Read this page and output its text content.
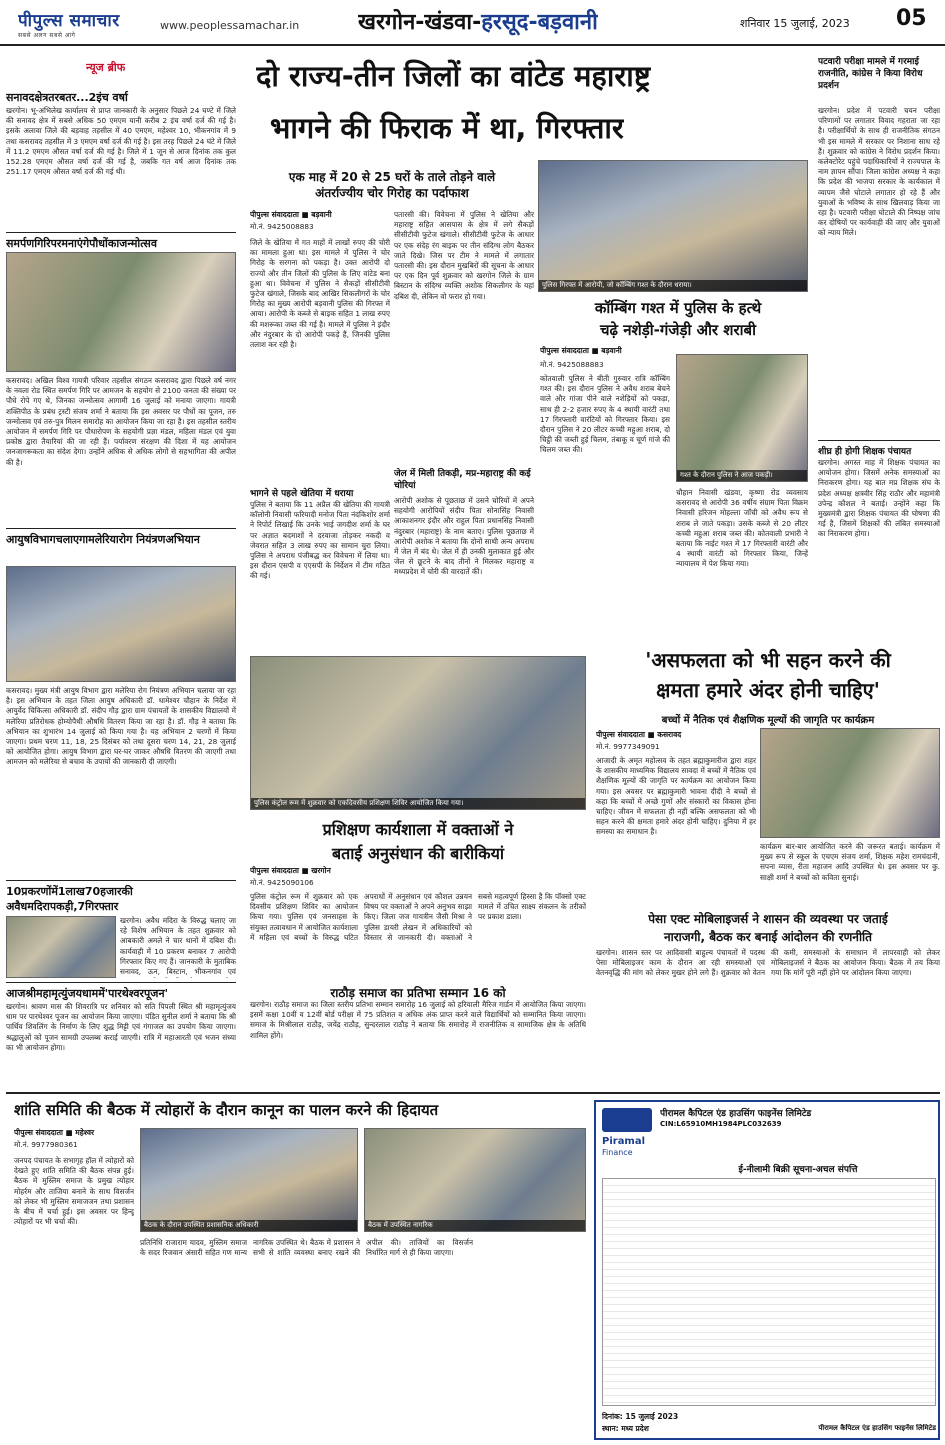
पीपुल्स समाचार
सबसे अलग सबसे आगे
www.peoplessamachar.in	खरगोन-खंडवा-हरसूद-बड़वानी	शनिवार 15 जुलाई, 2023 05
न्यूज ब्रीफ
सनावदक्षेत्रतरबतर...2इंच वर्षा
खरगोन। भू-अभिलेख कार्यालय से प्राप्त जानकारी के अनुसार पिछले 24 घण्टे में जिले की सनावद क्षेत्र में सबसे अधिक 50 एमएम यानी करीब 2 इंच वर्षा दर्ज की गई है। इसके अलावा जिले की बड़वाह तहसील में 40 एमएम, महेश्वर 10, भीकनगांव में 9 तथा कसरावद तहसील में 3 एमएम वर्षा दर्ज की गई है। इस तरह पिछले 24 घंटे में जिले में 11.2 एमएम औसत वर्षा दर्ज की गई है। जिले में 1 जून से आज दिनांक तक कुल 152.28 एमएम औसत वर्षा दर्ज की गई है, जबकि गत वर्ष आज दिनांक तक 251.17 एमएम औसत वर्षा दर्ज की गई थी।
समर्पणगिरिपरमनाएंगेपौधोंकाजन्मोत्सव
कसरावद। अखिल विश्व गायत्री परिवार तहसील संगठन कसरावद द्वारा पिछले वर्ष नगर के नवला रोड स्थित समर्पण गिरि पर आमजन के सहयोग से 2100 जनता की संख्या पर पौधे रोपे गए थे, जिनका जन्मोत्सव आगामी 16 जुलाई को मनाया जाएगा। गायत्री शक्तिपीठ के प्रबंध ट्रस्टी संजय शर्मा ने बताया कि इस अवसर पर पौधों का पूजन, तरु जन्मोत्सव एवं तरु-पुत्र मिलन समारोह का आयोजन किया जा रहा है। इस तहसील स्तरीय आयोजन में समर्पण गिरि पर पौधारोपण के सहयोगी प्रज्ञा मंडल, महिला मंडल एवं युवा प्रकोष्ठ द्वारा तैयारियां की जा रही हैं। पर्यावरण संरक्षण की दिशा में यह आयोजन जनजागरूकता का संदेश देगा। उन्होंने अधिक से अधिक लोगों से सहभागिता की अपील की है।
आयुषविभागचलाएगामलेरियारोग नियंत्रणअभियान
कसरावद। मुख्य मंत्री आयुष विभाग द्वारा मलेरिया रोग नियंत्रण अभियान चलाया जा रहा है। इस अभियान के तहत जिला आयुष अधिकारी डॉ. धामेश्वर चौहान के निर्देश में आयुर्वेद चिकित्सा अधिकारी डॉ. संदीप गौड़ द्वारा ग्राम पंचायतों के शासकीय विद्यालयों में मलेरिया प्रतिरोधक होम्योपैथी औषधि वितरण किया जा रहा है। डॉ. गौड़ ने बताया कि अभियान का शुभारंभ 14 जुलाई को किया गया है। यह अभियान 2 चरणों में किया जाएगा। प्रथम चरण 11, 18, 25 दिसंबर को तथा दूसरा चरण 14, 21, 28 जुलाई को आयोजित होगा। आयुष विभाग द्वारा घर-घर जाकर औषधि वितरण की जाएगी तथा आमजन को मलेरिया से बचाव के उपायों की जानकारी दी जाएगी।
10प्रकरणोंमें1लाख70हजारकी अवैधमदिरापकड़ी,7गिरफ्तार
खरगोन। अवैध मदिरा के विरुद्ध चलाए जा रहे विशेष अभियान के तहत शुक्रवार को आबकारी अमले ने चार थानों में दबिश दी। कार्यवाही में 10 प्रकरण बनाकर 7 आरोपी गिरफ्तार किए गए हैं। जानकारी के मुताबिक सनावद, ऊन, बिस्टान, भीकनगांव एवं
आजश्रीमहामृत्युंजयधाममें'पारथेश्वरपूजन'
खरगोन। श्रावण मास की शिवरात्रि पर शनिवार को सति पिपली स्थित श्री महामृत्युंजय धाम पर पारथेश्वर पूजन का आयोजन किया जाएगा। पंडित सुनील शर्मा ने बताया कि श्री पार्थिव शिवलिंग के निर्माण के लिए शुद्ध मिट्टी एवं गंगाजल का उपयोग किया जाएगा। श्रद्धालुओं को पूजन सामग्री उपलब्ध कराई जाएगी। रात्रि में महाआरती एवं भजन संध्या का भी आयोजन होगा।
दो राज्य-तीन जिलों का वांटेड महाराष्ट्र
भागने की फिराक में था, गिरफ्तार
एक माह में 20 से 25 घरों के ताले तोड़ने वाले
अंतर्राज्यीय चोर गिरोह का पर्दाफाश
पीपुल्स संवाददाता ■ बड़वानी
मो.नं. 9425008883
जिले के खेतिया में गत माहों में लाखों रुपए की चोरी का मामला हुआ था। इस मामले में पुलिस ने चोर गिरोह के सरगना को पकड़ा है। उक्त आरोपी दो राज्यों और तीन जिलों की पुलिस के लिए वांटेड बना हुआ था। विवेचना में पुलिस ने सैकड़ों सीसीटीवी फुटेज खंगाले, जिसके बाद आखिर सिकलीगरों के चोर गिरोह का मुख्य आरोपी बड़वानी पुलिस की गिरफ्त में आया। आरोपी के कब्जे से बाइक सहित 1 लाख रुपए की मशरूका जब्त की गई है। मामले में पुलिस ने इंदौर और नंदुरबार के दो आरोपी पकड़े हैं, जिनकी पुलिस तलाश कर रही है।
भागने से पहले खेतिया में धराया
पुलिस ने बताया कि 11 अप्रैल की खेतिया की गायत्री कॉलोनी निवासी फरियादी मनोज पिता नंदकिशोर शर्मा ने रिपोर्ट लिखाई कि उनके भाई जगदीश शर्मा के घर पर अज्ञात बदमाशों ने दरवाजा तोड़कर नकदी व जेवरात सहित 3 लाख रुपए का सामान चुरा लिया। पुलिस ने अपराध पंजीबद्ध कर विवेचना में लिया था। इस दौरान एसपी व एएसपी के निर्देशन में टीम गठित की गई।
पतारसी की। विवेचना में पुलिस ने खेतिया और महाराष्ट्र सहित आसपास के क्षेत्र में लगे सैकड़ों सीसीटीवी फुटेज खंगाले। सीसीटीवी फुटेज के आधार पर एक संदेह रंग बाइक पर तीन संदिग्ध लोग बैठकर जाते दिखे। जिस पर टीम ने मामले में लगातार पतारसी की। इस दौरान मुखबिरों की सूचना के आधार पर एक दिन पूर्व शुक्रवार को खरगोन जिले के ग्राम बिस्टान के संदिग्ध व्यक्ति अशोक सिकलीगर के यहां दबिश दी, लेकिन वो फरार हो गया।
जेल में मिली तिकड़ी, मप्र-महाराष्ट्र की कई चोरियां
आरोपी अशोक से पूछताछ में उसने चोरियों में अपने सहयोगी आरोपियों संदीप पिता सोनासिंह निवासी आकाशनगर इंदौर और राहुल पिता प्रधानसिंह निवासी नंदुरबार (महाराष्ट्र) के नाम बताए। पुलिस पूछताछ में आरोपी अशोक ने बताया कि दोनों साथी अन्य अपराध में जेल में बंद थे। जेल में ही उनकी मुलाकात हुई और जेल से छूटने के बाद तीनों ने मिलकर महाराष्ट्र व मध्यप्रदेश में चोरी की वारदातें कीं।
पुलिस गिरफ्त में आरोपी, जो कॉम्बिंग गश्त के दौरान धराया।
कॉम्बिंग गश्त में पुलिस के हत्थे
चढ़े नशेड़ी-गंजेड़ी और शराबी
पीपुल्स संवाददाता ■ बड़वानी
मो.नं. 9425088883
कोतवाली पुलिस ने बीती गुरुवार रात्रि कॉम्बिंग गश्त की। इस दौरान पुलिस ने अवैध शराब बेचने वाले और गांजा पीने वाले नशेड़ियों को पकड़ा, साथ ही 2-2 हजार रुपए के 4 स्थायी वारंटी तथा 17 गिरफ्तारी वारंटियों को गिरफ्तार किया। इस दौरान पुलिस ने 20 लीटर कच्ची महुआ शराब, दो चिट्ठी की जब्ती हुई चिलम, तंबाकू व चूर्ण गांजे की चिलम जब्त की।
गश्त के दौरान पुलिस ने आज पकड़ी।
चौहान निवासी खंडवा, कृष्णा रोड व्यवसाय कसरावद से आरोपी 36 वर्षीय संग्राम पिता विक्रम निवासी हरिजन मोहल्ला जाँची को अवैध रूप से शराब ले जाते पकड़ा। उसके कब्जे से 20 लीटर कच्ची महुआ शराब जब्त की। कोतवाली प्रभारी ने बताया कि नाईट गश्त में 17 गिरफ्तारी वारंटी और 4 स्थायी वारंटी को गिरफ्तार किया, जिन्हें न्यायालय में पेश किया गया।
पटवारी परीक्षा मामले में गरमाई राजनीति, कांग्रेस ने किया विरोध प्रदर्शन
खरगोन। प्रदेश में पटवारी चयन परीक्षा परिणामों पर लगातार विवाद गहराता जा रहा है। परीक्षार्थियों के साथ ही राजनीतिक संगठन भी इस मामले में सरकार पर निशाना साध रहे हैं। शुक्रवार को कांग्रेस ने विरोध प्रदर्शन किया। कलेक्टोरेट पहुंचे पदाधिकारियों ने राज्यपाल के नाम ज्ञापन सौंपा। जिला कांग्रेस अध्यक्ष ने कहा कि प्रदेश की भाजपा सरकार के कार्यकाल में व्यापम जैसे घोटाले लगातार हो रहे हैं और युवाओं के भविष्य के साथ खिलवाड़ किया जा रहा है। पटवारी परीक्षा घोटाले की निष्पक्ष जांच कर दोषियों पर कार्यवाही की जाए और युवाओं को न्याय मिले।
शीघ्र ही होगी शिक्षक पंचायत
खरगोन। अगस्त माह में शिक्षक पंचायत का आयोजन होगा। जिसमें अनेक समस्याओं का निराकरण होगा। यह बात मप्र शिक्षक संघ के प्रदेश अध्यक्ष क्षत्रवीर सिंह राठौर और महामंत्री उपेन्द्र कौशल ने बताई। उन्होंने कहा कि मुख्यमंत्री द्वारा शिक्षक पंचायत की घोषणा की गई है, जिसमें शिक्षकों की लंबित समस्याओं का निराकरण होगा।
पुलिस कंट्रोल रूम में शुक्रवार को एकदिवसीय प्रशिक्षण शिविर आयोजित किया गया।
प्रशिक्षण कार्यशाला में वक्ताओं ने
बताई अनुसंधान की बारीकियां
पीपुल्स संवाददाता ■ खरगोन
मो.नं. 9425090106
पुलिस कंट्रोल रूम में शुक्रवार को एक दिवसीय प्रशिक्षण शिविर का आयोजन किया गया। पुलिस एवं जनसाहस के संयुक्त तत्वावधान में आयोजित कार्यशाला में महिला एवं बच्चों के विरुद्ध घटित अपराधों में अनुसंधान एवं कौशल उन्नयन विषय पर वक्ताओं ने अपने अनुभव साझा किए। जिला जज गायत्रीन जैसी मिश्रा ने पुलिस डायरी लेखन में अधिकारियों को विस्तार से जानकारी दी। वक्ताओं ने सबसे महत्वपूर्ण हिस्सा है कि पॉक्सो एक्ट मामले में उचित साक्ष्य संकलन के तरीकों पर प्रकाश डाला।
राठौड़ समाज का प्रतिभा सम्मान 16 को
खरगोन। राठौड़ समाज का जिला स्तरीय प्रतिभा सम्मान समारोह 16 जुलाई को हरियाली मैरिज गार्डन में आयोजित किया जाएगा। इसमें कक्षा 10वीं व 12वीं बोर्ड परीक्षा में 75 प्रतिशत व अधिक अंक प्राप्त करने वाले विद्यार्थियों को सम्मानित किया जाएगा। समाज के मिश्रीलाल राठौड़, जयेंद्र राठौड़, सुन्दरलाल राठौड़ ने बताया कि समारोह में राजनीतिक व सामाजिक क्षेत्र के अतिथि शामिल होंगे।
'असफलता को भी सहन करने की
क्षमता हमारे अंदर होनी चाहिए'
बच्चों में नैतिक एवं शैक्षणिक मूल्यों की जागृति पर कार्यक्रम
पीपुल्स संवाददाता ■ कसरावद
मो.नं. 9977349091
आजादी के अमृत महोत्सव के तहत ब्रह्माकुमारीज द्वारा शहर के शासकीय माध्यमिक विद्यालय सावदा में बच्चों में नैतिक एवं शैक्षणिक मूल्यों की जागृति पर कार्यक्रम का आयोजन किया गया। इस अवसर पर ब्रह्माकुमारी भावना दीदी ने बच्चों से कहा कि बच्चों में अच्छे गुणों और संस्कारों का विकास होना चाहिए। जीवन में सफलता ही नहीं बल्कि असफलता को भी सहन करने की क्षमता हमारे अंदर होनी चाहिए। दुनिया में हर समस्या का समाधान है।
कार्यक्रम बार-बार आयोजित करने की जरूरत बताई। कार्यक्रम में मुख्य रूप से स्कूल के एचएम संजय शर्मा, शिक्षक महेश रामचंदानी, सपना व्यास, रीता महाजन आदि उपस्थित थे। इस अवसर पर कु. साक्षी शर्मा ने बच्चों को कविता सुनाई।
पेसा एक्ट मोबिलाइजर्स ने शासन की व्यवस्था पर जताई
नाराजगी, बैठक कर बनाई आंदोलन की रणनीति
खरगोन। शासन स्तर पर आदिवासी बाहुल्य पंचायतों में पदस्थ पेसा मोबिलाइजर काम के दौरान आ रही समस्याओं एवं वेतनवृद्धि की मांग को लेकर मुखर होने लगे हैं। शुक्रवार को वेतन की कमी, समस्याओं के समाधान में लापरवाही को लेकर मोबिलाइजर्स ने बैठक का आयोजन किया। बैठक में तय किया गया कि मांगें पूरी नहीं होने पर आंदोलन किया जाएगा।
शांति समिति की बैठक में त्योहारों के दौरान कानून का पालन करने की हिदायत
पीपुल्स संवाददाता ■ महेश्वर
मो.नं. 9977980361
जनपद पंचायत के सभागृह हॉल में त्योहारों को देखते हुए शांति समिति की बैठक संपन्न हुई। बैठक में मुस्लिम समाज के प्रमुख त्योहार मोहर्रम और ताजिया बनाने के साथ विसर्जन को लेकर भी मुस्लिम समाजजन तथा प्रशासन के बीच में चर्चा हुई। इस अवसर पर हिन्दू त्योहारों पर भी चर्चा की।	बैठक के दौरान उपस्थित प्रशासनिक अधिकारी	बैठक में उपस्थित नागरिक
प्रतिनिधि राजाराम यादव, मुस्लिम समाज के सदर रिजवान अंसारी सहित गण मान्य नागरिक उपस्थित थे। बैठक में प्रशासन ने सभी से शांति व्यवस्था बनाए रखने की अपील की। ताजियों का विसर्जन निर्धारित मार्ग से ही किया जाएगा।
Piramal
Finance
पीरामल कैपिटल एंड हाउसिंग फाइनेंस लिमिटेड
CIN:L65910MH1984PLC032639
ई-नीलामी बिक्री सूचना-अचल संपत्ति
दिनांक: 15 जुलाई 2023
स्थान: मध्य प्रदेश	पीरामल कैपिटल एंड हाउसिंग फाइनेंस लिमिटेड
